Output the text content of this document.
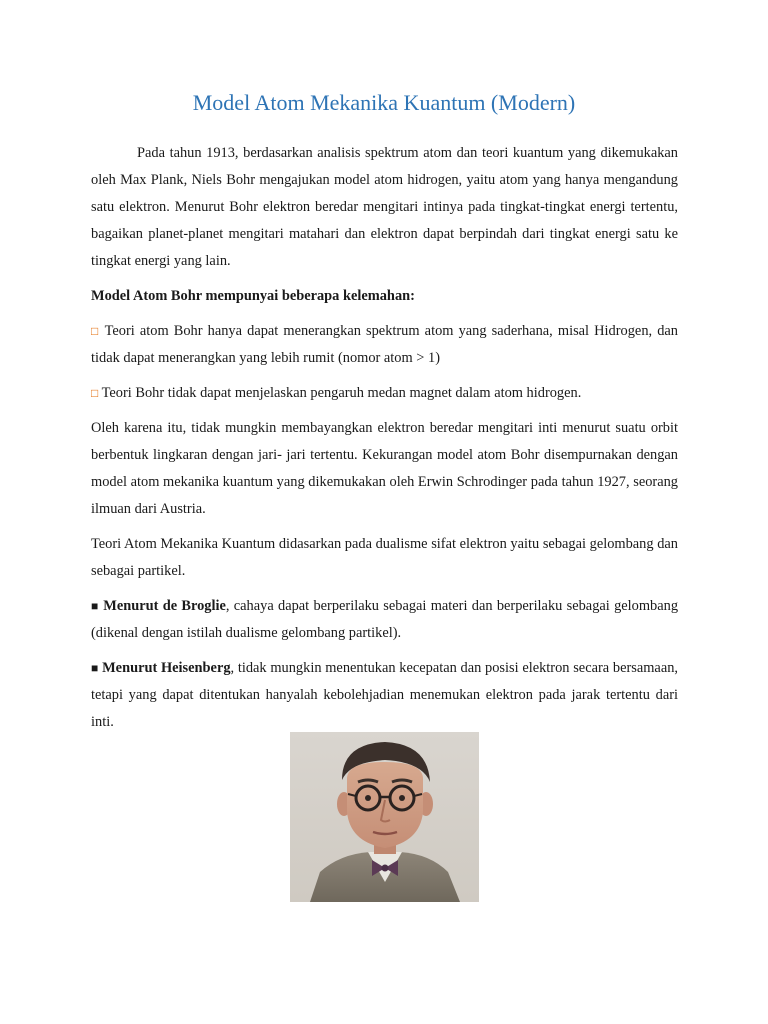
Model Atom Mekanika Kuantum (Modern)

Pada tahun 1913, berdasarkan analisis spektrum atom dan teori kuantum yang dikemukakan oleh Max Plank, Niels Bohr mengajukan model atom hidrogen, yaitu atom yang hanya mengandung satu elektron. Menurut Bohr elektron beredar mengitari intinya pada tingkat-tingkat energi tertentu, bagaikan planet-planet mengitari matahari dan elektron dapat berpindah dari tingkat energi satu ke tingkat energi yang lain.

Model Atom Bohr mempunyai beberapa kelemahan:

□ Teori atom Bohr hanya dapat menerangkan spektrum atom yang saderhana, misal Hidrogen, dan tidak dapat menerangkan yang lebih rumit (nomor atom > 1)

□ Teori Bohr tidak dapat menjelaskan pengaruh medan magnet dalam atom hidrogen.

Oleh karena itu, tidak mungkin membayangkan elektron beredar mengitari inti menurut suatu orbit berbentuk lingkaran dengan jari- jari tertentu. Kekurangan model atom Bohr disempurnakan dengan model atom mekanika kuantum yang dikemukakan oleh Erwin Schrodinger pada tahun 1927, seorang ilmuan dari Austria.

Teori Atom Mekanika Kuantum didasarkan pada dualisme sifat elektron yaitu sebagai gelombang dan sebagai partikel.

■ Menurut de Broglie, cahaya dapat berperilaku sebagai materi dan berperilaku sebagai gelombang (dikenal dengan istilah dualisme gelombang partikel).

■ Menurut Heisenberg, tidak mungkin menentukan kecepatan dan posisi elektron secara bersamaan, tetapi yang dapat ditentukan hanyalah kebolehjadian menemukan elektron pada jarak tertentu dari inti.
